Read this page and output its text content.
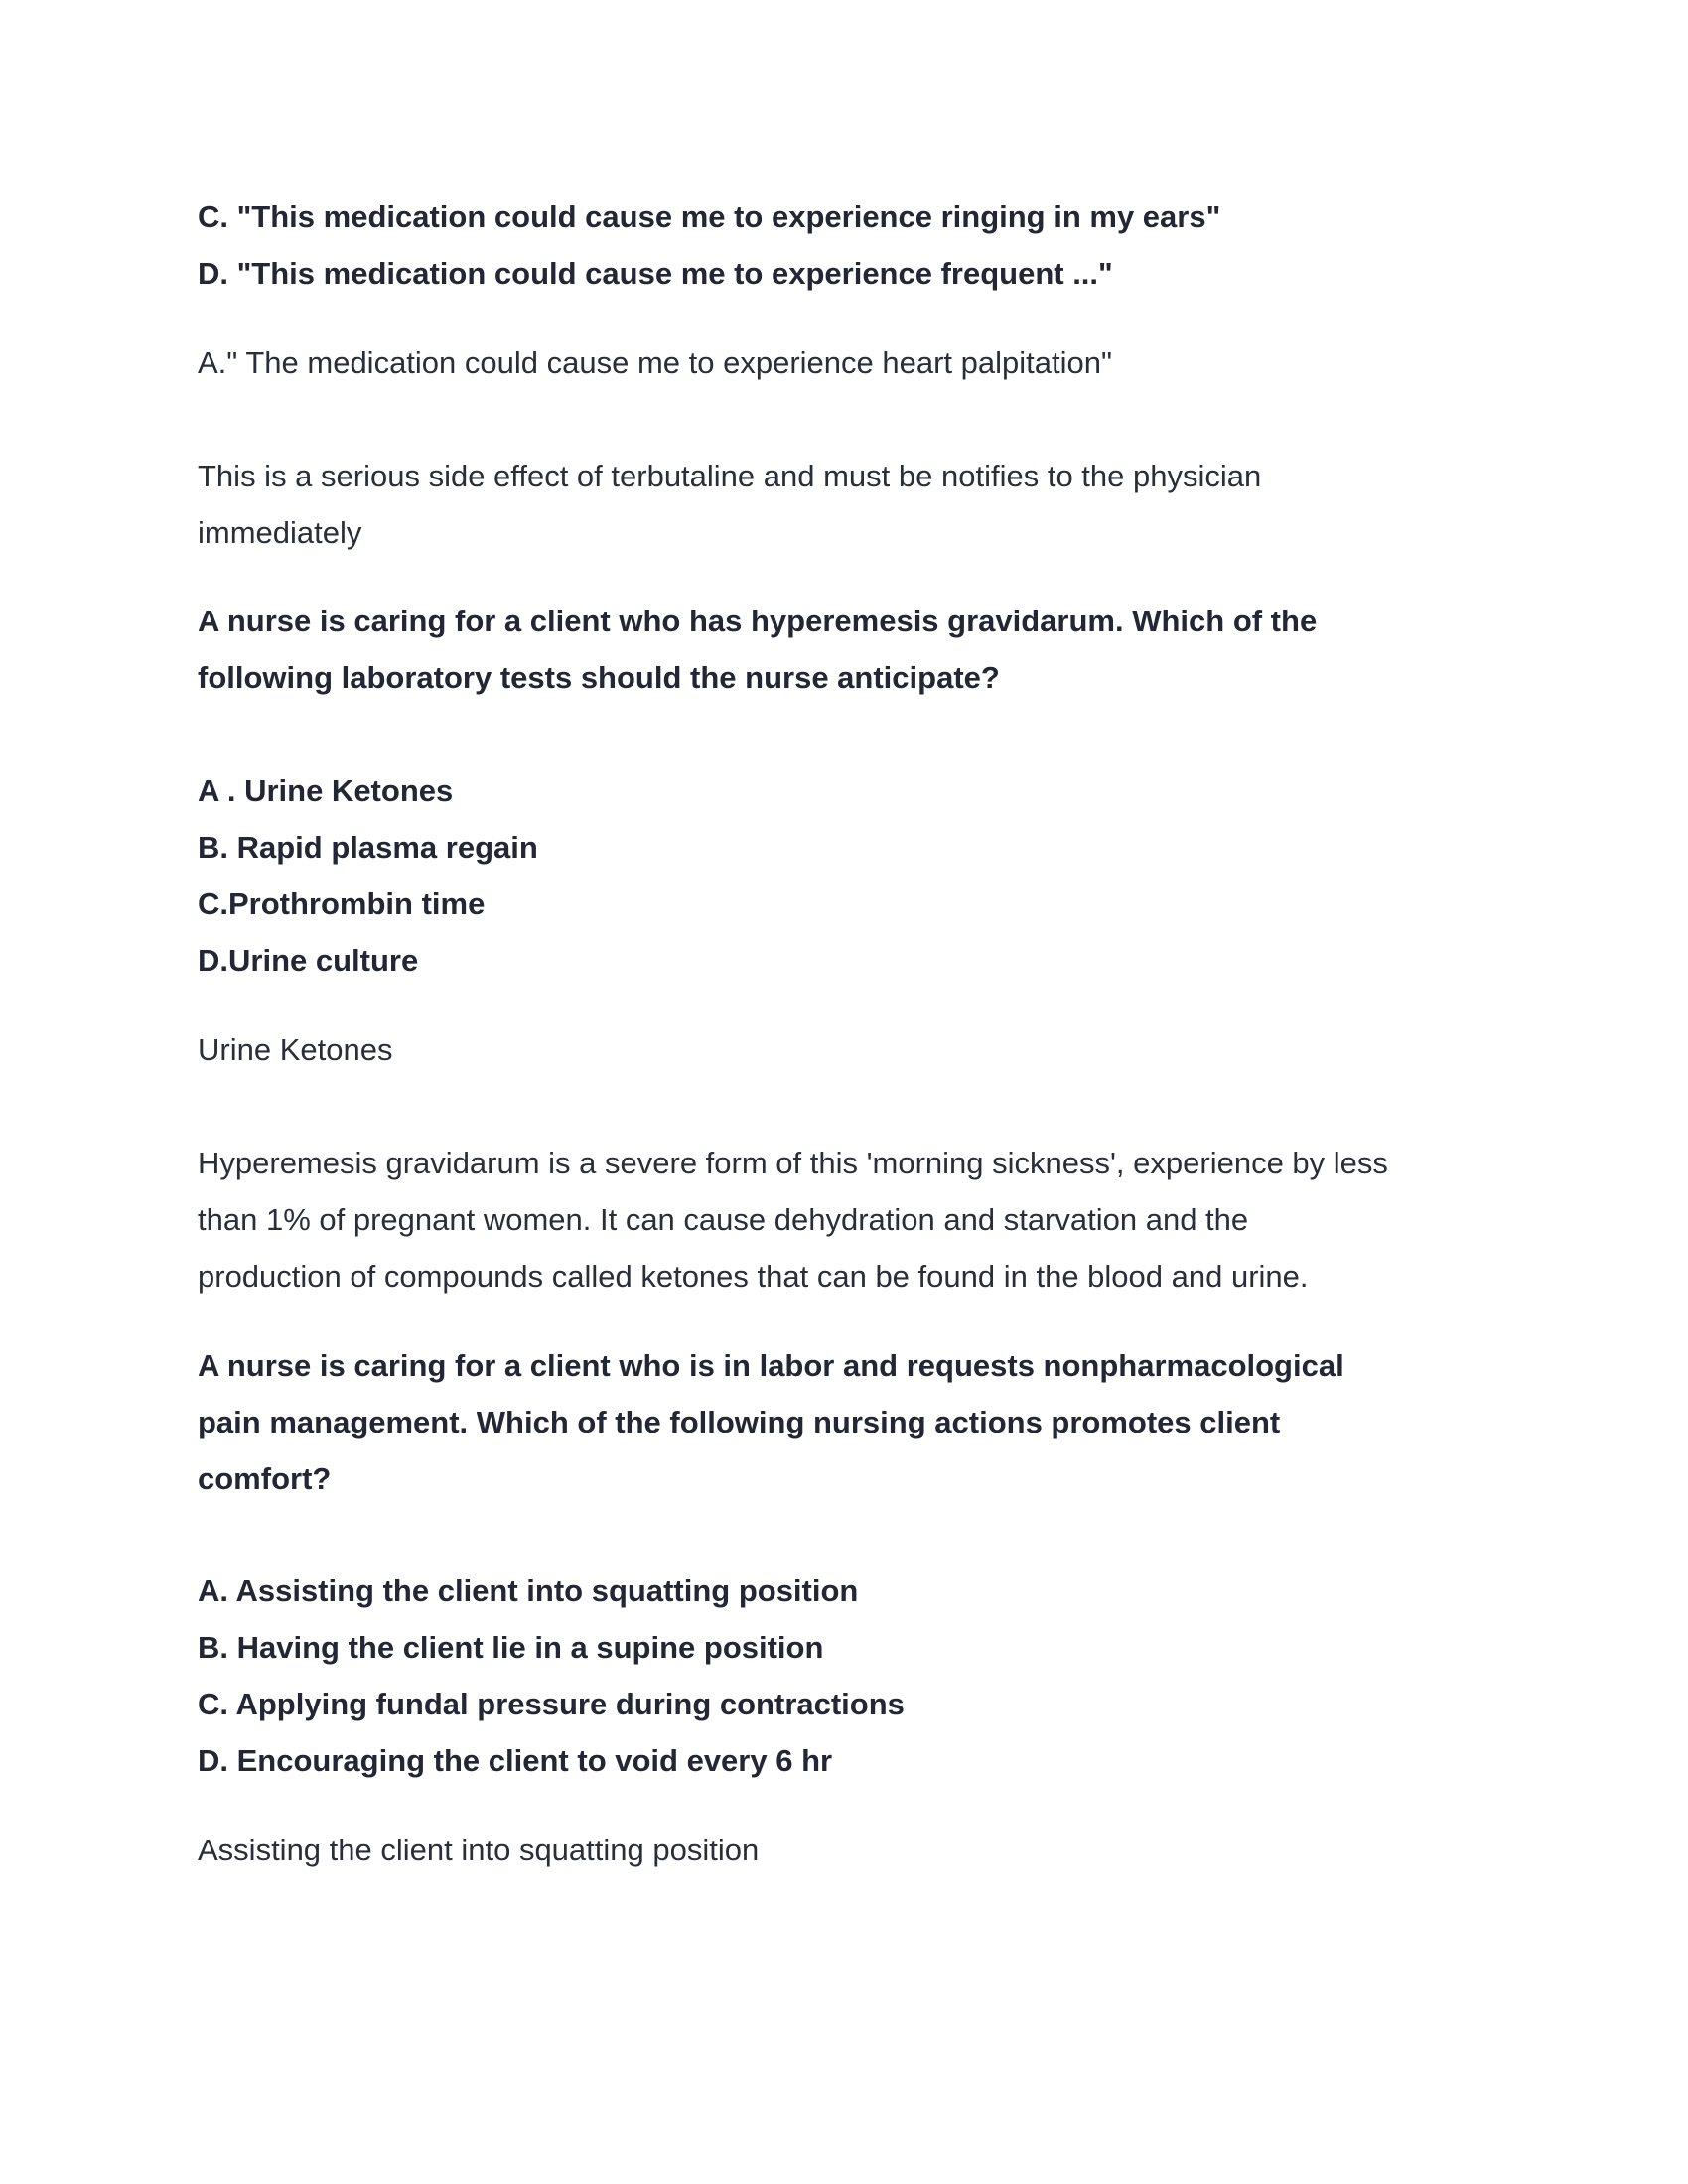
C. "This medication could cause me to experience ringing in my ears"
D. "This medication could cause me to experience frequent ..."
A." The medication could cause me to experience heart palpitation"
This is a serious side effect of terbutaline and must be notifies to the physician
immediately
A nurse is caring for a client who has hyperemesis gravidarum. Which of the
following laboratory tests should the nurse anticipate?
A . Urine Ketones
B. Rapid plasma regain
C.Prothrombin time
D.Urine culture
Urine Ketones
Hyperemesis gravidarum is a severe form of this 'morning sickness', experience by less
than 1% of pregnant women. It can cause dehydration and starvation and the
production of compounds called ketones that can be found in the blood and urine.
A nurse is caring for a client who is in labor and requests nonpharmacological
pain management. Which of the following nursing actions promotes client
comfort?
A. Assisting the client into squatting position
B. Having the client lie in a supine position
C. Applying fundal pressure during contractions
D. Encouraging the client to void every 6 hr
Assisting the client into squatting position
